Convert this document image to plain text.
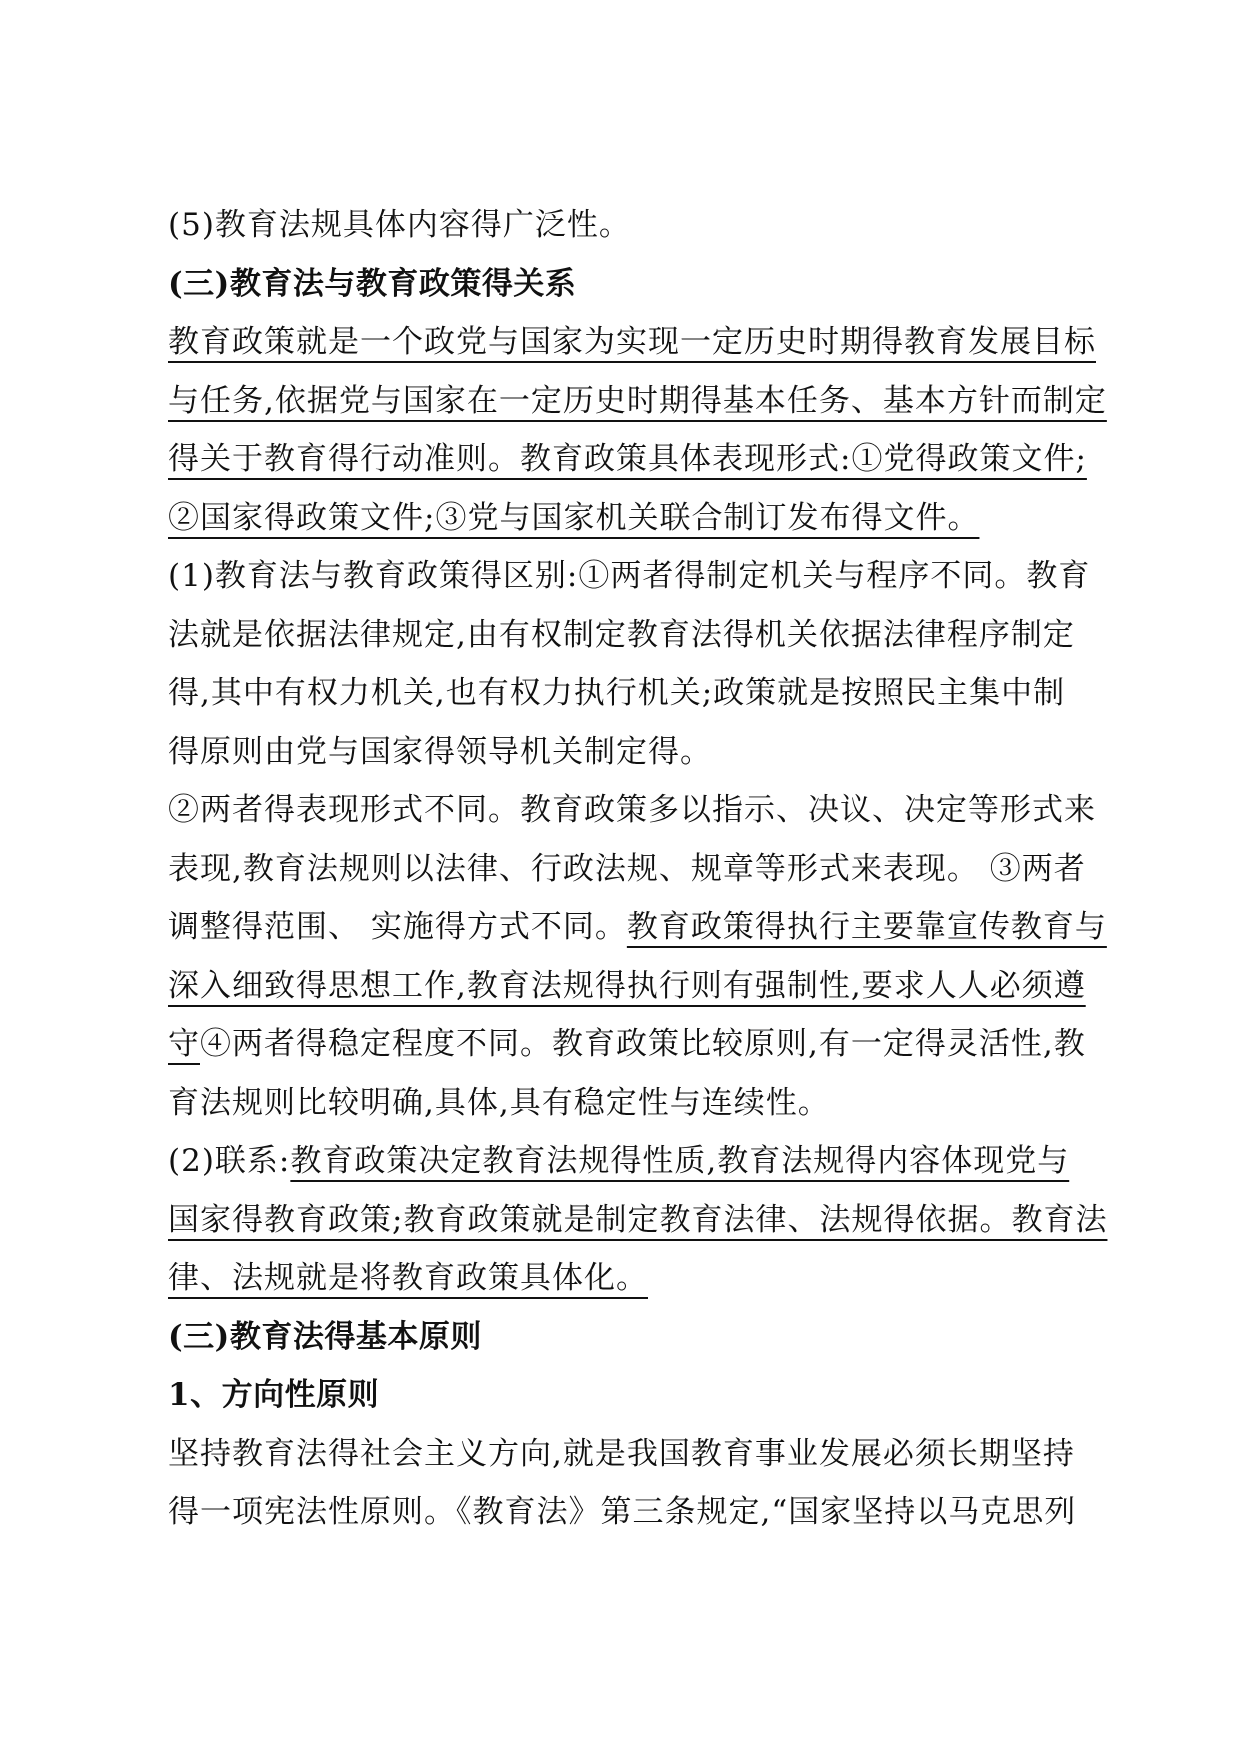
(5)教育法规具体内容得广泛性。
(三)教育法与教育政策得关系
教育政策就是一个政党与国家为实现一定历史时期得教育发展目标
与任务,依据党与国家在一定历史时期得基本任务、基本方针而制定
得关于教育得行动准则。教育政策具体表现形式:①党得政策文件;
②国家得政策文件;③党与国家机关联合制订发布得文件。
(1)教育法与教育政策得区别:①两者得制定机关与程序不同。教育
法就是依据法律规定,由有权制定教育法得机关依据法律程序制定
得,其中有权力机关,也有权力执行机关;政策就是按照民主集中制
得原则由党与国家得领导机关制定得。
②两者得表现形式不同。教育政策多以指示、决议、决定等形式来
表现,教育法规则以法律、行政法规、规章等形式来表现。 ③两者
调整得范围、 实施得方式不同。教育政策得执行主要靠宣传教育与
深入细致得思想工作,教育法规得执行则有强制性,要求人人必须遵
守④两者得稳定程度不同。教育政策比较原则,有一定得灵活性,教
育法规则比较明确,具体,具有稳定性与连续性。
(2)联系:教育政策决定教育法规得性质,教育法规得内容体现党与
国家得教育政策;教育政策就是制定教育法律、法规得依据。教育法
律、法规就是将教育政策具体化。
(三)教育法得基本原则
1、方向性原则
坚持教育法得社会主义方向,就是我国教育事业发展必须长期坚持
得一项宪法性原则。《教育法》第三条规定,“国家坚持以马克思列
